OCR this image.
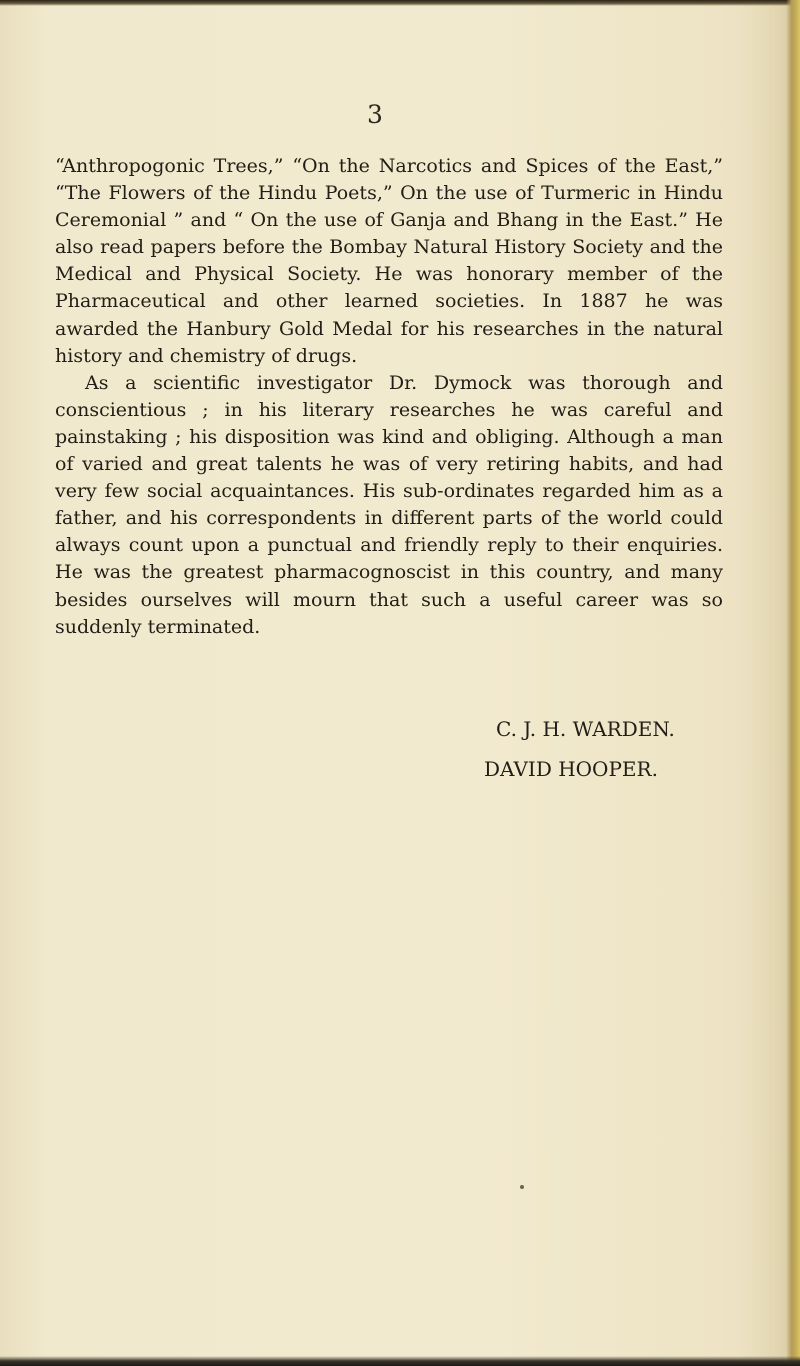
3

“Anthropogonic Trees,” “On the Narcotics and Spices of the East,” “The Flowers of the Hindu Poets,” On the use of Turmeric in Hindu Ceremonial ” and “ On the use of Ganja and Bhang in the East.” He also read papers before the Bombay Natural History Society and the Medical and Physical Society. He was honorary member of the Pharmaceutical and other learned societies. In 1887 he was awarded the Hanbury Gold Medal for his researches in the natural history and chemistry of drugs.

As a scientific investigator Dr. Dymock was thorough and conscientious ; in his literary researches he was careful and painstaking ; his disposition was kind and obliging. Although a man of varied and great talents he was of very retiring habits, and had very few social acquaintances. His sub-ordinates regarded him as a father, and his correspondents in different parts of the world could always count upon a punctual and friendly reply to their enquiries. He was the greatest pharmacognoscist in this country, and many besides ourselves will mourn that such a useful career was so suddenly terminated.

C. J. H. WARDEN.
DAVID HOOPER.
